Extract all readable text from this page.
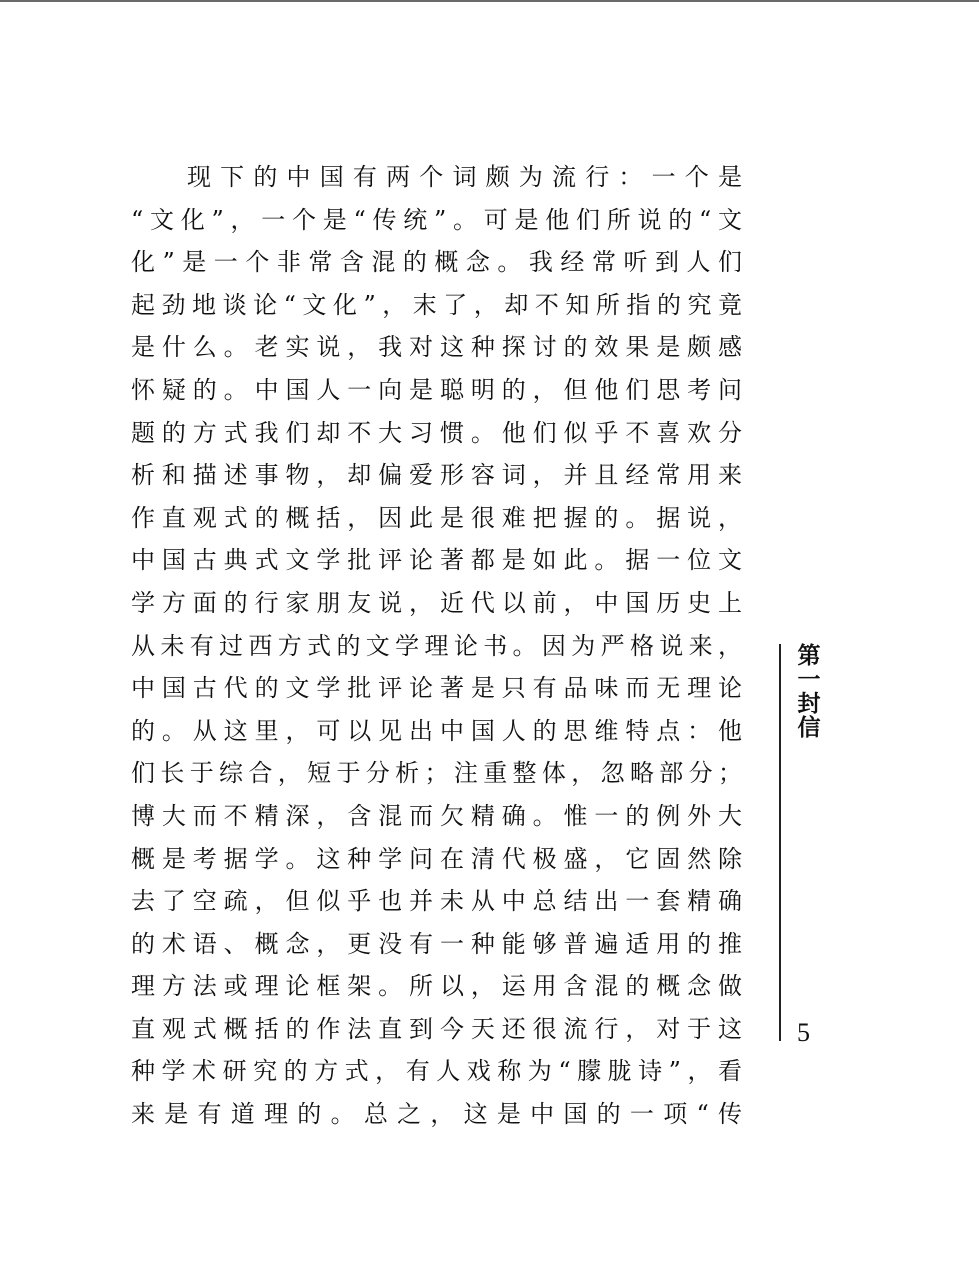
现下的中国有两个词颇为流行：一个是
“文化”，一个是“传统”。可是他们所说的“文
化”是一个非常含混的概念。我经常听到人们
起劲地谈论“文化”，末了，却不知所指的究竟
是什么。老实说，我对这种探讨的效果是颇感
怀疑的。中国人一向是聪明的，但他们思考问
题的方式我们却不大习惯。他们似乎不喜欢分
析和描述事物，却偏爱形容词，并且经常用来
作直观式的概括，因此是很难把握的。据说，
中国古典式文学批评论著都是如此。据一位文
学方面的行家朋友说，近代以前，中国历史上
从未有过西方式的文学理论书。因为严格说来，
中国古代的文学批评论著是只有品味而无理论
的。从这里，可以见出中国人的思维特点：他
们长于综合，短于分析；注重整体，忽略部分；
博大而不精深，含混而欠精确。惟一的例外大
概是考据学。这种学问在清代极盛，它固然除
去了空疏，但似乎也并未从中总结出一套精确
的术语、概念，更没有一种能够普遍适用的推
理方法或理论框架。所以，运用含混的概念做
直观式概括的作法直到今天还很流行，对于这
种学术研究的方式，有人戏称为“朦胧诗”，看
来是有道理的。总之，这是中国的一项“传
第
一
封
信
5
